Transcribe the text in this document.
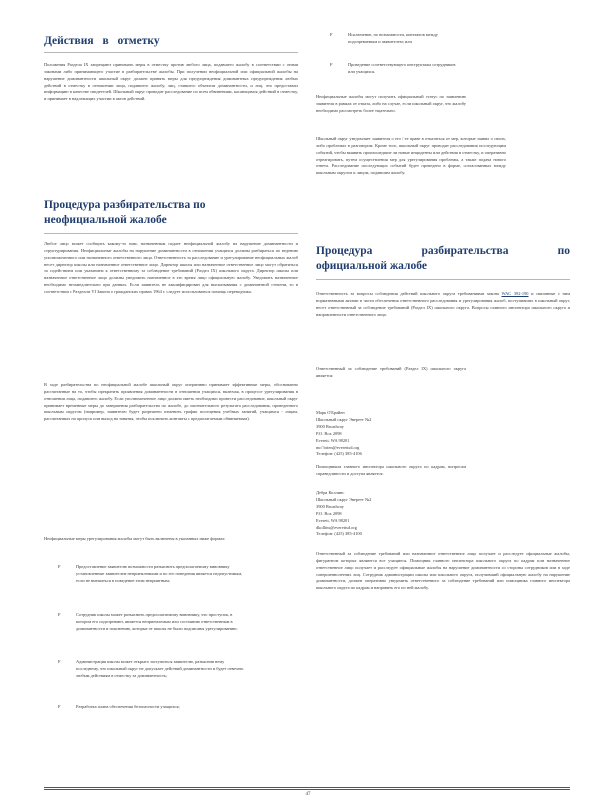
Действия в отметку

Положения Раздела IX запрещают принимать меры в отместку против любого лица, подавшего жалобу в соответствии с этими законами либо принимающего участие в разбирательстве жалобы. При получении неофициальной или официальной жалобы на нарушение доминантности школьный округ должен принять меры для предупреждения доминантных предупреждения любых действий в отместку в отношении лица, подавшего жалобу, лиц, ставшего объектом доминантности, и лиц, что предоставил информацию в качестве свидетелей. Школьный округ проводит расследование по всем обвинениям, касающимся действий в отместку, и принимает в надлежащих участии в актов действий.

Процедура разбирательства по
неофициальной жалобе

Любое лицо может сообщить какому-то ним, назначенным подает неофициальной жалобу на нарушение доминантности и структурирования. Неофициальные жалобы на нарушение доминантности в отношении учащихся должны разбираться по ведению уполномоченного или назначенного ответственного лица. Ответственность за расследование и урегулирование неофициальных жалоб несет директор школы или назначенное ответственное лицо. Директор школы или назначенное ответственное лицо могут обратиться за содействием или указанием к ответственному за соблюдение требований (Раздел IX) школьного округа. Директор школы или назначенное ответственное лицо должны уведомить назначенное в это время лицо официальную жалобу. Уведомить назначенное необходимо незамедлительно при данных. Если заявитель не квалифицирован для высказывания с доминантной степени, то в соответствии с Разделом VI Закона о гражданских правах 1964 г. следует использоваться помощь переводчика.

В ходе разбирательства по неофициальной жалобе школьный округ оперативно принимает эффективные меры, обоснованно рассчитанные на то, чтобы прекратить проявления доминантности в отношении учащихся, включая, в процессе урегулирования в отношении лица, подавшего жалобу. Если уполномоченное лицо должно иметь необходимо провести расследование, школьный округ принимает временные меры до завершения разбирательства по жалобе, до окончательного результата расследования, проведенного школьным округом (например, заявителю будет разрешено изменить график посещения учебных занятий, учащимся - лицам, рассчитанных на пропуск или выход на занятия, чтобы исключить контакты с предполагаемым обвиняемым).

Неофициальные меры урегулирования жалобы могут быть включены в указанных ниже формах:

F	Предоставление заявителю возможности разъяснить предполагаемому виновнику установленные заявителем неприемлемыми и по его поведения является недопустимым, если не вмешаться в поведение этим неприятным;
F	Сотрудник школы может разъяснить предполагаемому виновнику, что проступок, в котором его подозревают, является неприемлемым или состоянию ответственным в доминантности и пояснению, которые от школы не были подписаны урегулированию;
F	Администрация школы может открыто заступиться заявителю, разъяснив нему последнему, что школьный округ не допускает действий доминантности и будет отвечать любым действиям в отместку за доминантность;
F	Разработка плана обеспечения безопасности учащихся;
F	Исключение, по возможности, контактов между подозреваемым и заявителем; или
F	Проведение соответствующего инструктажа сотрудников или учащихся.

Неофициальные жалобы могут получить официальный статус по заявлению заявителя в рамках от отказа, либо на случае, если школьный округ, что жалобу необходимо рассмотреть более тщательно.

Школьный округ уведомляет заявителя о его / ее праве в отказаться от мер, которые заявил о своих, либо проблемах в разговором. Кроме того, школьный округ проводит расследования последующим событий, чтобы выявить произошедшие ли новые инциденты или действия в отместку, и оперативно отреагировать, путем осуществления мер для урегулирования проблемы, а также подача нового ответа. Расследование последующих событий будет проведено в форме, согласованных между школьным округом и лицом, подавшим жалобу.

Процедура разбирательства по
официальной жалобе

Ответственность за вопросы соблюдения действий школьного округа требованиями закона WAC 392-190 и связанные с ним нормативными актами в части обеспечения ответственного расследования и урегулирования жалоб, поступивших в школьный округ, несет ответственный за соблюдение требований (Раздел IX) школьного округа. Вопросы главного инспектора школьного округа и направленности ответственного лицо.

Ответственный за соблюдение требований (Раздел IX) школьного округа является:

Марк О'Брайен
Школьный округ Эверетт №2
3900 Broadway
P.O. Box 2098
Everett, WA 98201
mo' brien@everettsd.org
Телефон: (425) 385-4106

Помощником главного инспектора школьного округа по кадрам, вопросам справедливости и доступа является:

Дебра Коллинс
Школьный округ Эверетт №2
3900 Broadway
P.O. Box 2098
Everett, WA 98201
dkollins@everettsd.org
Телефон: (425) 385-4100

Ответственный за соблюдение требований или назначенное ответственное лицо получает и расследует официальные жалобы, фигурантом которых являются все учащиеся. Помощник главного инспектора школьного округа по кадрам или назначенное ответственное лицо получает и расследует официальные жалобы на нарушение доминантности со стороны сотрудников или в ходе совершеннолетних лиц. Сотрудник администрации школы или школьного округа, получивший официальную жалобу на нарушение доминантности, должен оперативно уведомить ответственного за соблюдение требований или помощника главного инспектора школьного округа по кадрам и направить его по ней жалобу.

47
